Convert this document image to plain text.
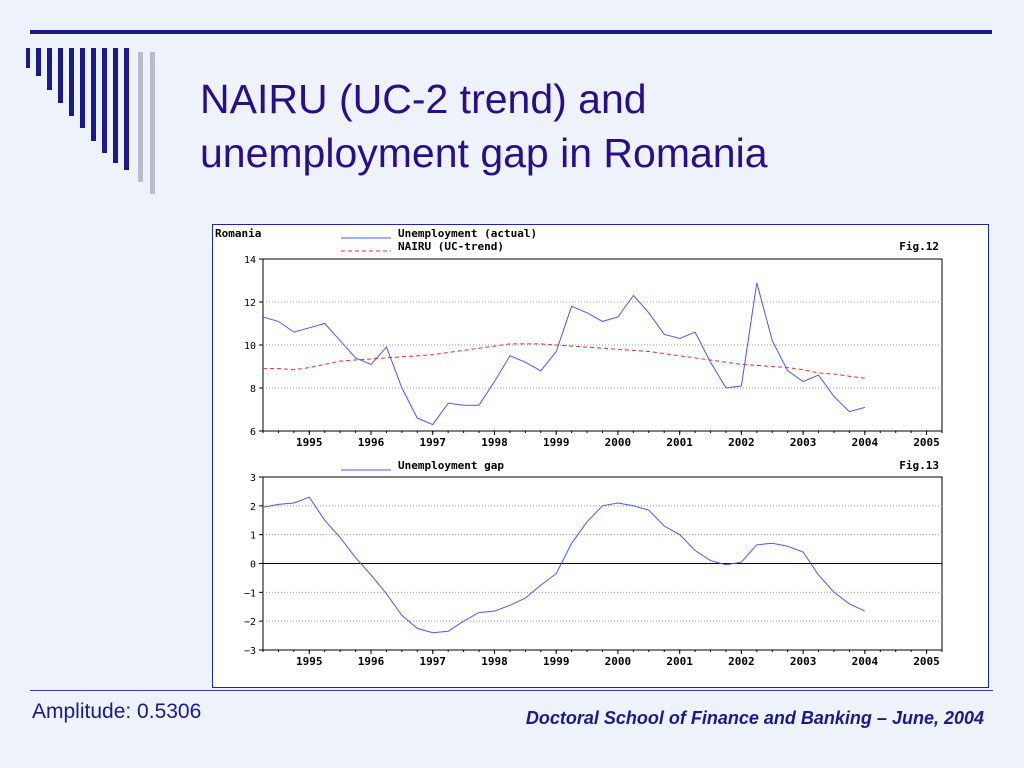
NAIRU (UC-2 trend) and
unemployment gap in Romania
6
8
10
12
14
1995	1996	1997	1998	1999	2000	2001	2002	2003	2004	2005
Romania
Fig.12
Unemployment (actual)
NAIRU (UC-trend)
−3
−2
−1
0
1
2
3
1995	1996	1997	1998	1999	2000	2001	2002	2003	2004	2005
Fig.13
Unemployment gap
Amplitude: 0.5306	Doctoral School of Finance and Banking – June, 2004
